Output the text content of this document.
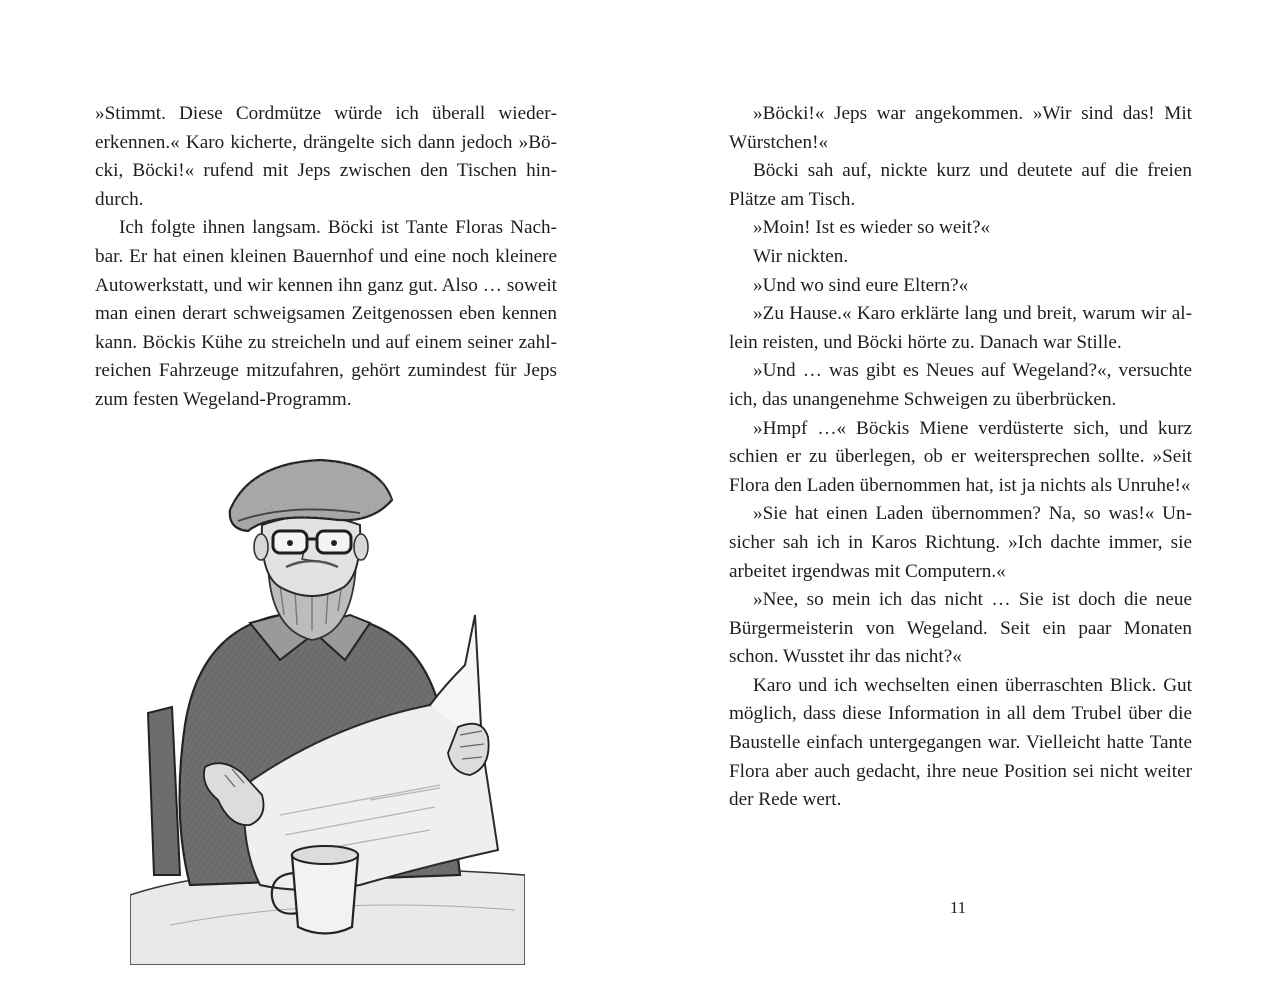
»Stimmt. Diese Cordmütze würde ich überall wiedererkennen.« Karo kicherte, drängelte sich dann jedoch »Böcki, Böcki!« rufend mit Jeps zwischen den Tischen hindurch.

Ich folgte ihnen langsam. Böcki ist Tante Floras Nachbar. Er hat einen kleinen Bauernhof und eine noch kleinere Autowerkstatt, und wir kennen ihn ganz gut. Also … soweit man einen derart schweigsamen Zeitgenossen eben kennen kann. Böckis Kühe zu streicheln und auf einem seiner zahlreichen Fahrzeuge mitzufahren, gehört zumindest für Jeps zum festen Wegeland-Programm.

»Böcki!« Jeps war angekommen. »Wir sind das! Mit Würstchen!«

Böcki sah auf, nickte kurz und deutete auf die freien Plätze am Tisch.

»Moin! Ist es wieder so weit?«

Wir nickten.

»Und wo sind eure Eltern?«

»Zu Hause.« Karo erklärte lang und breit, warum wir allein reisten, und Böcki hörte zu. Danach war Stille.

»Und … was gibt es Neues auf Wegeland?«, versuchte ich, das unangenehme Schweigen zu überbrücken.

»Hmpf …« Böckis Miene verdüsterte sich, und kurz schien er zu überlegen, ob er weitersprechen sollte. »Seit Flora den Laden übernommen hat, ist ja nichts als Unruhe!«

»Sie hat einen Laden übernommen? Na, so was!« Unsicher sah ich in Karos Richtung. »Ich dachte immer, sie arbeitet irgendwas mit Computern.«

»Nee, so mein ich das nicht … Sie ist doch die neue Bürgermeisterin von Wegeland. Seit ein paar Monaten schon. Wusstet ihr das nicht?«

Karo und ich wechselten einen überraschten Blick. Gut möglich, dass diese Information in all dem Trubel über die Baustelle einfach untergegangen war. Vielleicht hatte Tante Flora aber auch gedacht, ihre neue Position sei nicht weiter der Rede wert.

11
